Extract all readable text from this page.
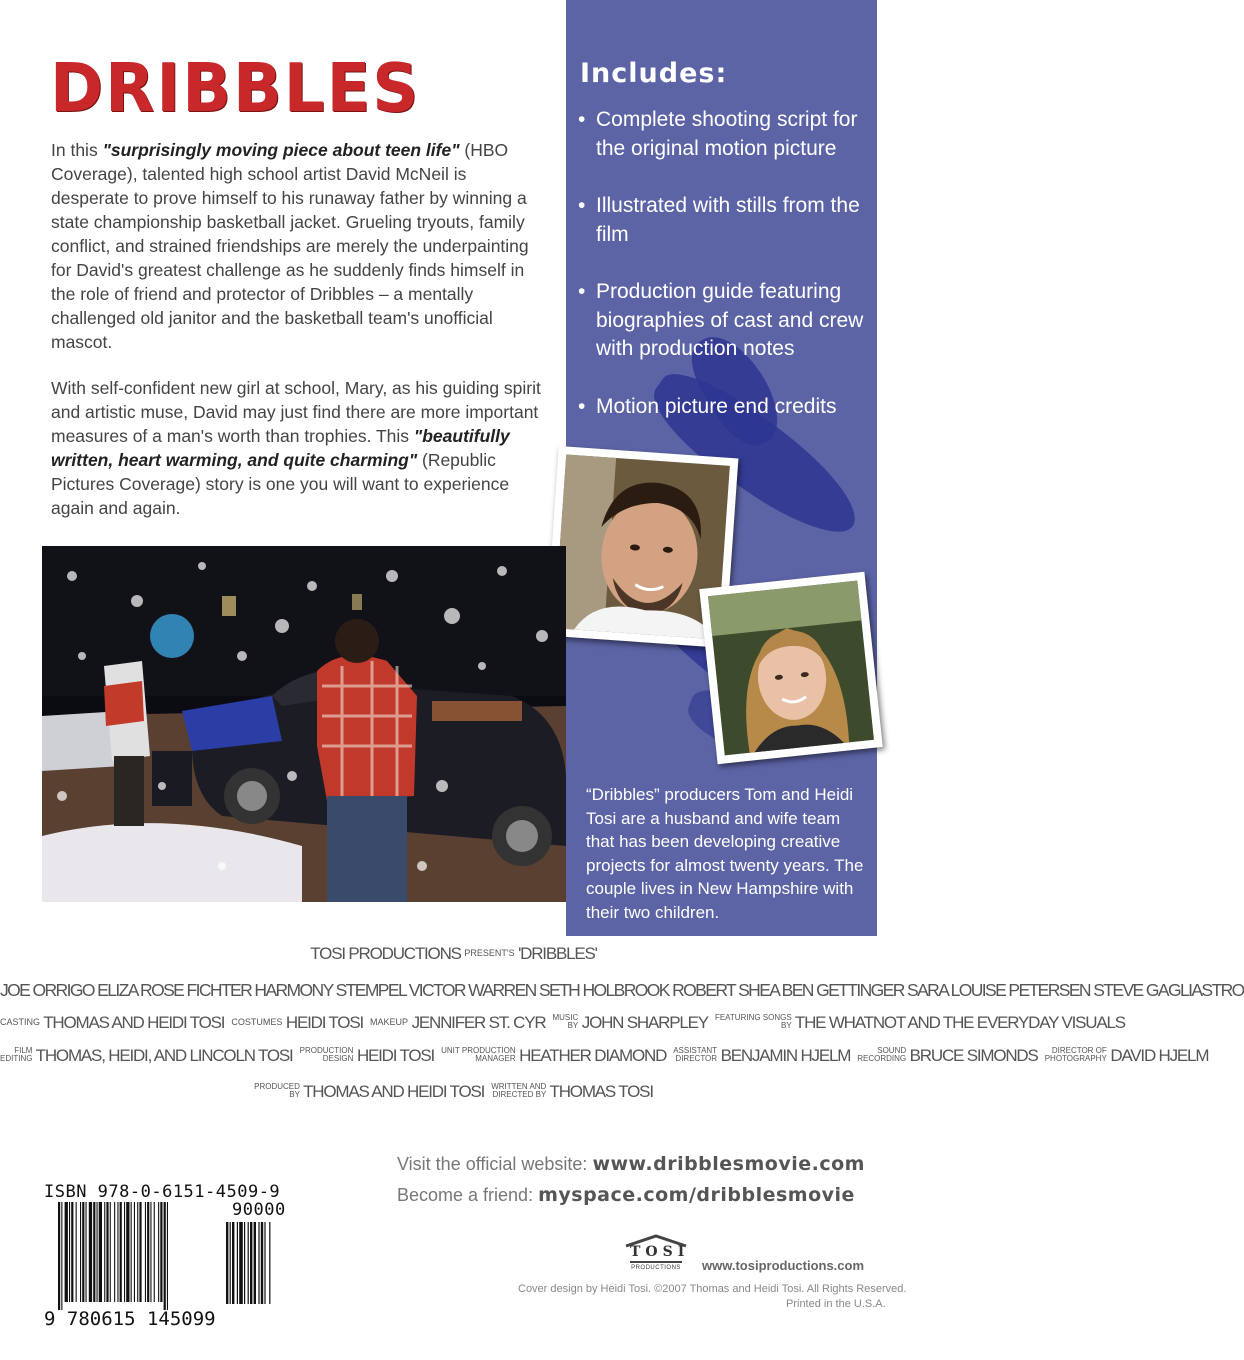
DRIBBLES

In this "surprisingly moving piece about teen life" (HBO Coverage), talented high school artist David McNeil is desperate to prove himself to his runaway father by winning a state championship basketball jacket. Grueling tryouts, family conflict, and strained friendships are merely the underpainting for David's greatest challenge as he suddenly finds himself in the role of friend and protector of Dribbles – a mentally challenged old janitor and the basketball team's unofficial mascot.

With self-confident new girl at school, Mary, as his guiding spirit and artistic muse, David may just find there are more important measures of a man's worth than trophies. This "beautifully written, heart warming, and quite charming" (Republic Pictures Coverage) story is one you will want to experience again and again.

Includes:
• Complete shooting script for the original motion picture
• Illustrated with stills from the film
• Production guide featuring biographies of cast and crew with production notes
• Motion picture end credits

“Dribbles” producers Tom and Heidi Tosi are a husband and wife team that has been developing creative projects for almost twenty years. The couple lives in New Hampshire with their two children.

TOSI PRODUCTIONS PRESENT'S 'DRIBBLES'
JOE ORRIGO ELIZA ROSE FICHTER HARMONY STEMPEL VICTOR WARREN SETH HOLBROOK ROBERT SHEA BEN GETTINGER SARA LOUISE PETERSEN STEVE GAGLIASTRO
CASTING THOMAS AND HEIDI TOSI COSTUMES HEIDI TOSI MAKEUP JENNIFER ST. CYR MUSIC
BY JOHN SHARPLEY FEATURING SONGS
BY THE WHATNOT AND THE EVERYDAY VISUALS
FILM
EDITING THOMAS, HEIDI, AND LINCOLN TOSI PRODUCTION
DESIGN HEIDI TOSI UNIT PRODUCTION
MANAGER HEATHER DIAMOND ASSISTANT
DIRECTOR BENJAMIN HJELM	SOUND
RECORDING BRUCE SIMONDS DIRECTOR OF
PHOTOGRAPHY DAVID HJELM
PRODUCED
BY THOMAS AND HEIDI TOSI WRITTEN AND
DIRECTED BY THOMAS TOSI
Visit the official website: www.dribblesmovie.com
Become a friend: myspace.com/dribblesmovie
ISBN 978-0-6151-4509-9
90000
9 780615 145099
TOSI
PRODUCTIONS	www.tosiproductions.com
Cover design by Heidi Tosi. ©2007 Thomas and Heidi Tosi. All Rights Reserved.
Printed in the U.S.A.
